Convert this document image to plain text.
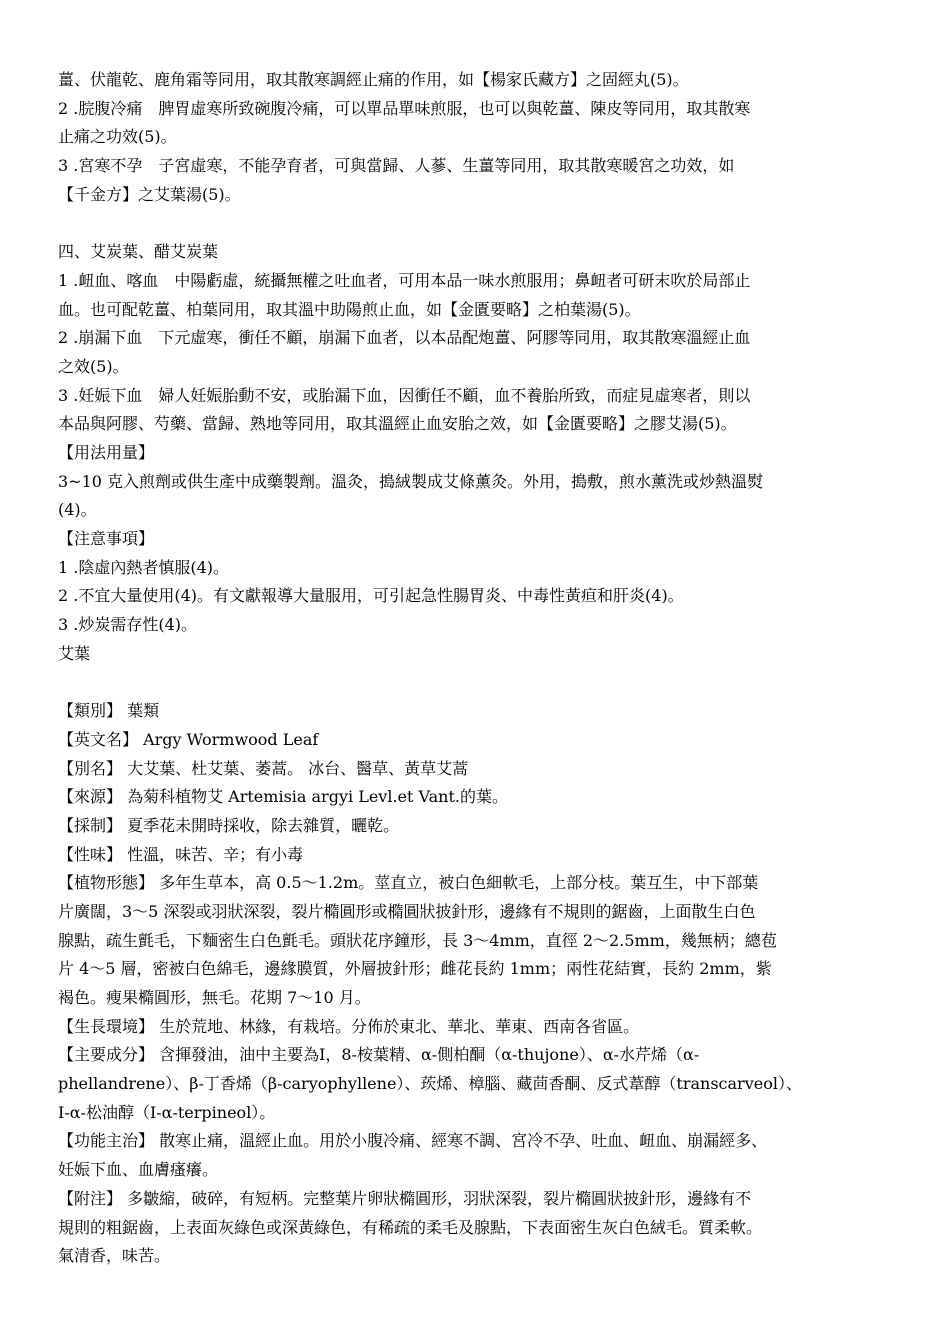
薑、伏龍乾、鹿角霜等同用，取其散寒調經止痛的作用，如【楊家氏藏方】之固經丸(5)。

2 .脘腹冷痛　脾胃虛寒所致碗腹冷痛，可以單品單味煎服，也可以與乾薑、陳皮等同用，取其散寒

止痛之功效(5)。

3 .宮寒不孕　子宮虛寒，不能孕育者，可與當歸、人蔘、生薑等同用，取其散寒暖宮之功效，如

【千金方】之艾葉湯(5)。

四、艾炭葉、醋艾炭葉

1 .衄血、喀血　中陽虧虛，統攝無權之吐血者，可用本品一味水煎服用；鼻衄者可研末吹於局部止

血。也可配乾薑、柏葉同用，取其溫中助陽煎止血，如【金匱要略】之柏葉湯(5)。

2 .崩漏下血　下元虛寒，衝任不顧，崩漏下血者，以本品配炮薑、阿膠等同用，取其散寒溫經止血

之效(5)。

3 .妊娠下血　婦人妊娠胎動不安，或胎漏下血，因衝任不顧，血不養胎所致，而症見虛寒者，則以

本品與阿膠、芍藥、當歸、熟地等同用，取其溫經止血安胎之效，如【金匱要略】之膠艾湯(5)。

【用法用量】

3~10 克入煎劑或供生產中成藥製劑。溫灸，搗絨製成艾條薰灸。外用，搗敷，煎水薰洗或炒熱溫熨

(4)。

【注意事項】

1 .陰虛內熱者慎服(4)。

2 .不宜大量使用(4)。有文獻報導大量服用，可引起急性腸胃炎、中毒性黃疸和肝炎(4)。

3 .炒炭需存性(4)。

艾葉

【類別】 葉類

【英文名】 Argy Wormwood Leaf

【別名】 大艾葉、杜艾葉、萎蒿。 冰台、醫草、黃草艾蒿

【來源】 為菊科植物艾 Artemisia argyi Levl.et Vant.的葉。

【採制】 夏季花未開時採收，除去雜質，曬乾。

【性味】 性溫，味苦、辛；有小毒

【植物形態】 多年生草本，高 0.5～1.2m。莖直立，被白色細軟毛，上部分枝。葉互生，中下部葉

片廣闊，3～5 深裂或羽狀深裂，裂片橢圓形或橢圓狀披針形，邊緣有不規則的鋸齒，上面散生白色

腺點，疏生氈毛，下麵密生白色氈毛。頭狀花序鐘形，長 3～4mm，直徑 2～2.5mm，幾無柄；總苞

片 4～5 層，密被白色綿毛，邊緣膜質，外層披針形；雌花長約 1mm；兩性花結實，長約 2mm，紫

褐色。瘦果橢圓形，無毛。花期 7～10 月。

【生長環境】 生於荒地、林緣，有栽培。分佈於東北、華北、華東、西南各省區。

【主要成分】 含揮發油，油中主要為Ⅰ，8-桉葉精、α-側柏酮（α-thujone）、α-水芹烯（α-

phellandrene）、β-丁香烯（β-caryophyllene）、莰烯、樟腦、藏茴香酮、反式葦醇（transcarveol）、

Ⅰ-α-松油醇（Ⅰ-α-terpineol）。

【功能主治】 散寒止痛，溫經止血。用於小腹冷痛、經寒不調、宮冷不孕、吐血、衄血、崩漏經多、

妊娠下血、血膚瘙癢。

【附注】 多皺縮，破碎，有短柄。完整葉片卵狀橢圓形，羽狀深裂，裂片橢圓狀披針形，邊緣有不

規則的粗鋸齒，上表面灰綠色或深黃綠色，有稀疏的柔毛及腺點，下表面密生灰白色絨毛。質柔軟。

氣清香，味苦。
